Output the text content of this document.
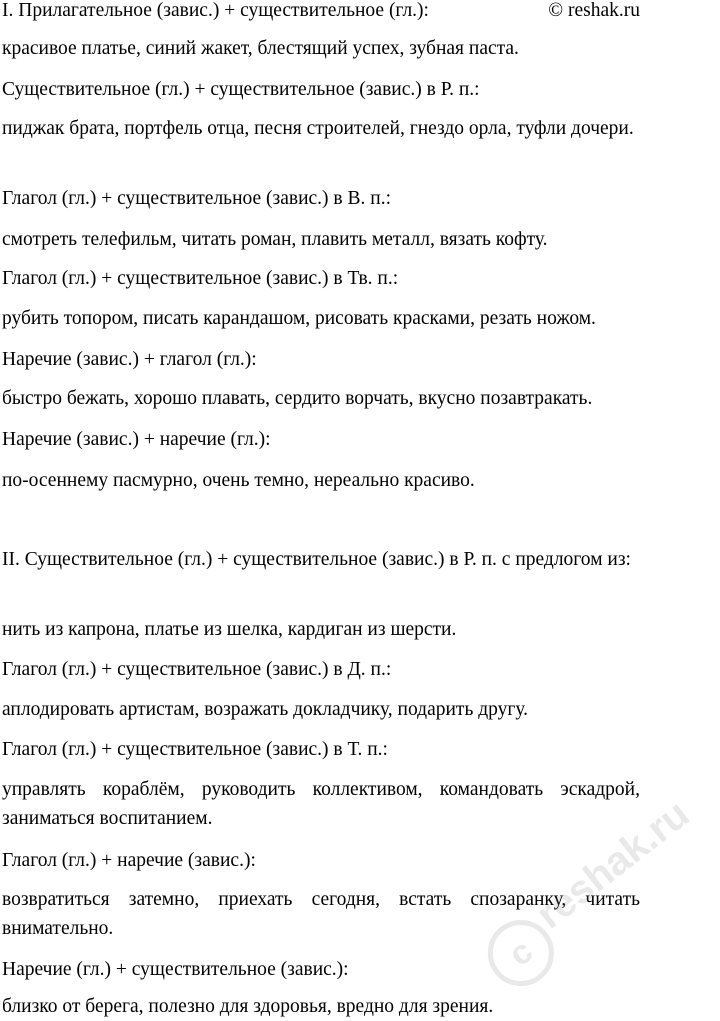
© reshak.ru
I. Прилагательное (завис.) + существительное (гл.):
красивое платье, синий жакет, блестящий успех, зубная паста.
Существительное (гл.) + существительное (завис.) в Р. п.:
пиджак брата, портфель отца, песня строителей, гнездо орла, туфли дочери.
Глагол (гл.) + существительное (завис.) в В. п.:
смотреть телефильм, читать роман, плавить металл, вязать кофту.
Глагол (гл.) + существительное (завис.) в Тв. п.:
рубить топором, писать карандашом, рисовать красками, резать ножом.
Наречие (завис.) + глагол (гл.):
быстро бежать, хорошо плавать, сердито ворчать, вкусно позавтракать.
Наречие (завис.) + наречие (гл.):
по-осеннему пасмурно, очень темно, нереально красиво.
II. Существительное (гл.) + существительное (завис.) в Р. п. с предлогом из:
нить из капрона, платье из шелка, кардиган из шерсти.
Глагол (гл.) + существительное (завис.) в Д. п.:
аплодировать артистам, возражать докладчику, подарить другу.
Глагол (гл.) + существительное (завис.) в Т. п.:
управлять кораблём, руководить коллективом, командовать эскадрой, заниматься воспитанием.
Глагол (гл.) + наречие (завис.):
возвратиться затемно, приехать сегодня, встать спозаранку, читать внимательно.
Наречие (гл.) + существительное (завис.):
близко от берега, полезно для здоровья, вредно для зрения.
c
reshak.ru
